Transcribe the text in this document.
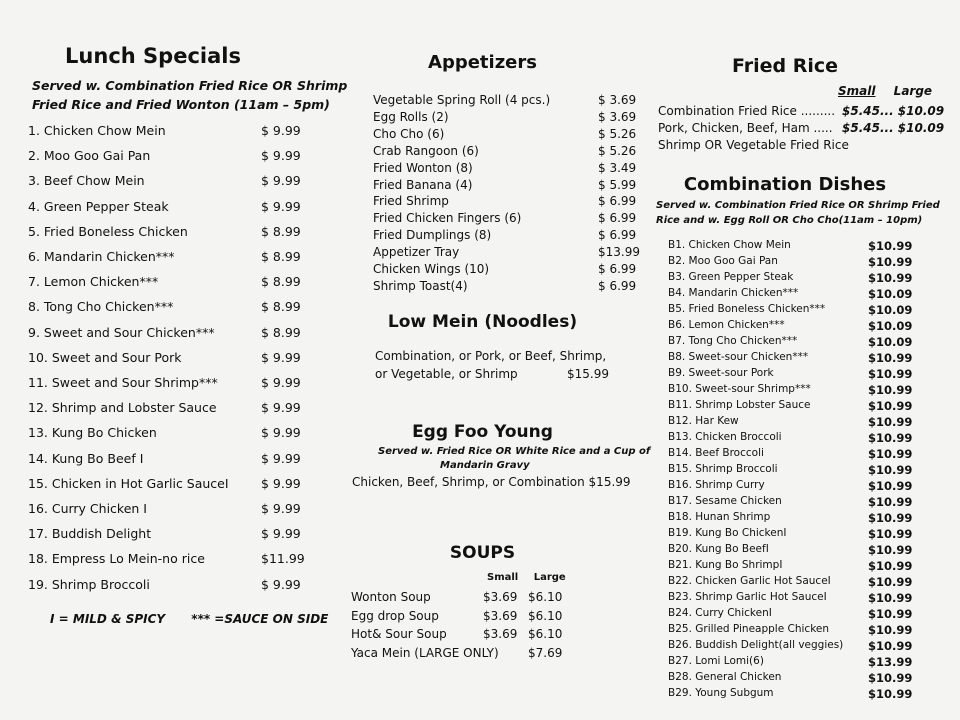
Lunch Specials
Served w. Combination Fried Rice OR Shrimp
Fried Rice and Fried Wonton (11am – 5pm)
1. Chicken Chow Mein	$ 9.99
2. Moo Goo Gai Pan	$ 9.99
3. Beef Chow Mein	$ 9.99
4. Green Pepper Steak	$ 9.99
5. Fried Boneless Chicken	$ 8.99
6. Mandarin Chicken***	$ 8.99
7. Lemon Chicken***	$ 8.99
8. Tong Cho Chicken***	$ 8.99
9. Sweet and Sour Chicken***	$ 8.99
10. Sweet and Sour Pork	$ 9.99
11. Sweet and Sour Shrimp***	$ 9.99
12. Shrimp and Lobster Sauce	$ 9.99
13. Kung Bo Chicken	$ 9.99
14. Kung Bo Beef I	$ 9.99
15. Chicken in Hot Garlic SauceI	$ 9.99
16. Curry Chicken I	$ 9.99
17. Buddish Delight	$ 9.99
18. Empress Lo Mein-no rice	$11.99
19. Shrimp Broccoli	$ 9.99
I = MILD & SPICY *** =SAUCE ON SIDE
Appetizers
Vegetable Spring Roll (4 pcs.)	$ 3.69
Egg Rolls (2)	$ 3.69
Cho Cho (6)	$ 5.26
Crab Rangoon (6)	$ 5.26
Fried Wonton (8)	$ 3.49
Fried Banana (4)	$ 5.99
Fried Shrimp	$ 6.99
Fried Chicken Fingers (6)	$ 6.99
Fried Dumplings (8)	$ 6.99
Appetizer Tray	$13.99
Chicken Wings (10)	$ 6.99
Shrimp Toast(4)	$ 6.99
Low Mein (Noodles)
Combination, or Pork, or Beef, Shrimp,
or Vegetable, or Shrimp	$15.99
Egg Foo Young
Served w. Fried Rice OR White Rice and a Cup of
Mandarin Gravy
Chicken, Beef, Shrimp, or Combination $15.99
SOUPS
Small Large
Wonton Soup	$3.69 $6.10
Egg drop Soup	$3.69 $6.10
Hot& Sour Soup	$3.69 $6.10
Yaca Mein (LARGE ONLY) $7.69
Fried Rice
Small Large
Combination Fried Rice ......... $5.45... $10.09
Pork, Chicken, Beef, Ham ..... $5.45... $10.09
Shrimp OR Vegetable Fried Rice
Combination Dishes
Served w. Combination Fried Rice OR Shrimp Fried
Rice and w. Egg Roll OR Cho Cho(11am – 10pm)
B1. Chicken Chow Mein	$10.99
B2. Moo Goo Gai Pan	$10.99
B3. Green Pepper Steak	$10.99
B4. Mandarin Chicken***	$10.09
B5. Fried Boneless Chicken***	$10.09
B6. Lemon Chicken***	$10.09
B7. Tong Cho Chicken***	$10.09
B8. Sweet-sour Chicken***	$10.99
B9. Sweet-sour Pork	$10.99
B10. Sweet-sour Shrimp***	$10.99
B11. Shrimp Lobster Sauce	$10.99
B12. Har Kew	$10.99
B13. Chicken Broccoli	$10.99
B14. Beef Broccoli	$10.99
B15. Shrimp Broccoli	$10.99
B16. Shrimp Curry	$10.99
B17. Sesame Chicken	$10.99
B18. Hunan Shrimp	$10.99
B19. Kung Bo ChickenI	$10.99
B20. Kung Bo BeefI	$10.99
B21. Kung Bo ShrimpI	$10.99
B22. Chicken Garlic Hot SauceI	$10.99
B23. Shrimp Garlic Hot SauceI	$10.99
B24. Curry ChickenI	$10.99
B25. Grilled Pineapple Chicken	$10.99
B26. Buddish Delight(all veggies) $10.99
B27. Lomi Lomi(6)	$13.99
B28. General Chicken	$10.99
B29. Young Subgum	$10.99
